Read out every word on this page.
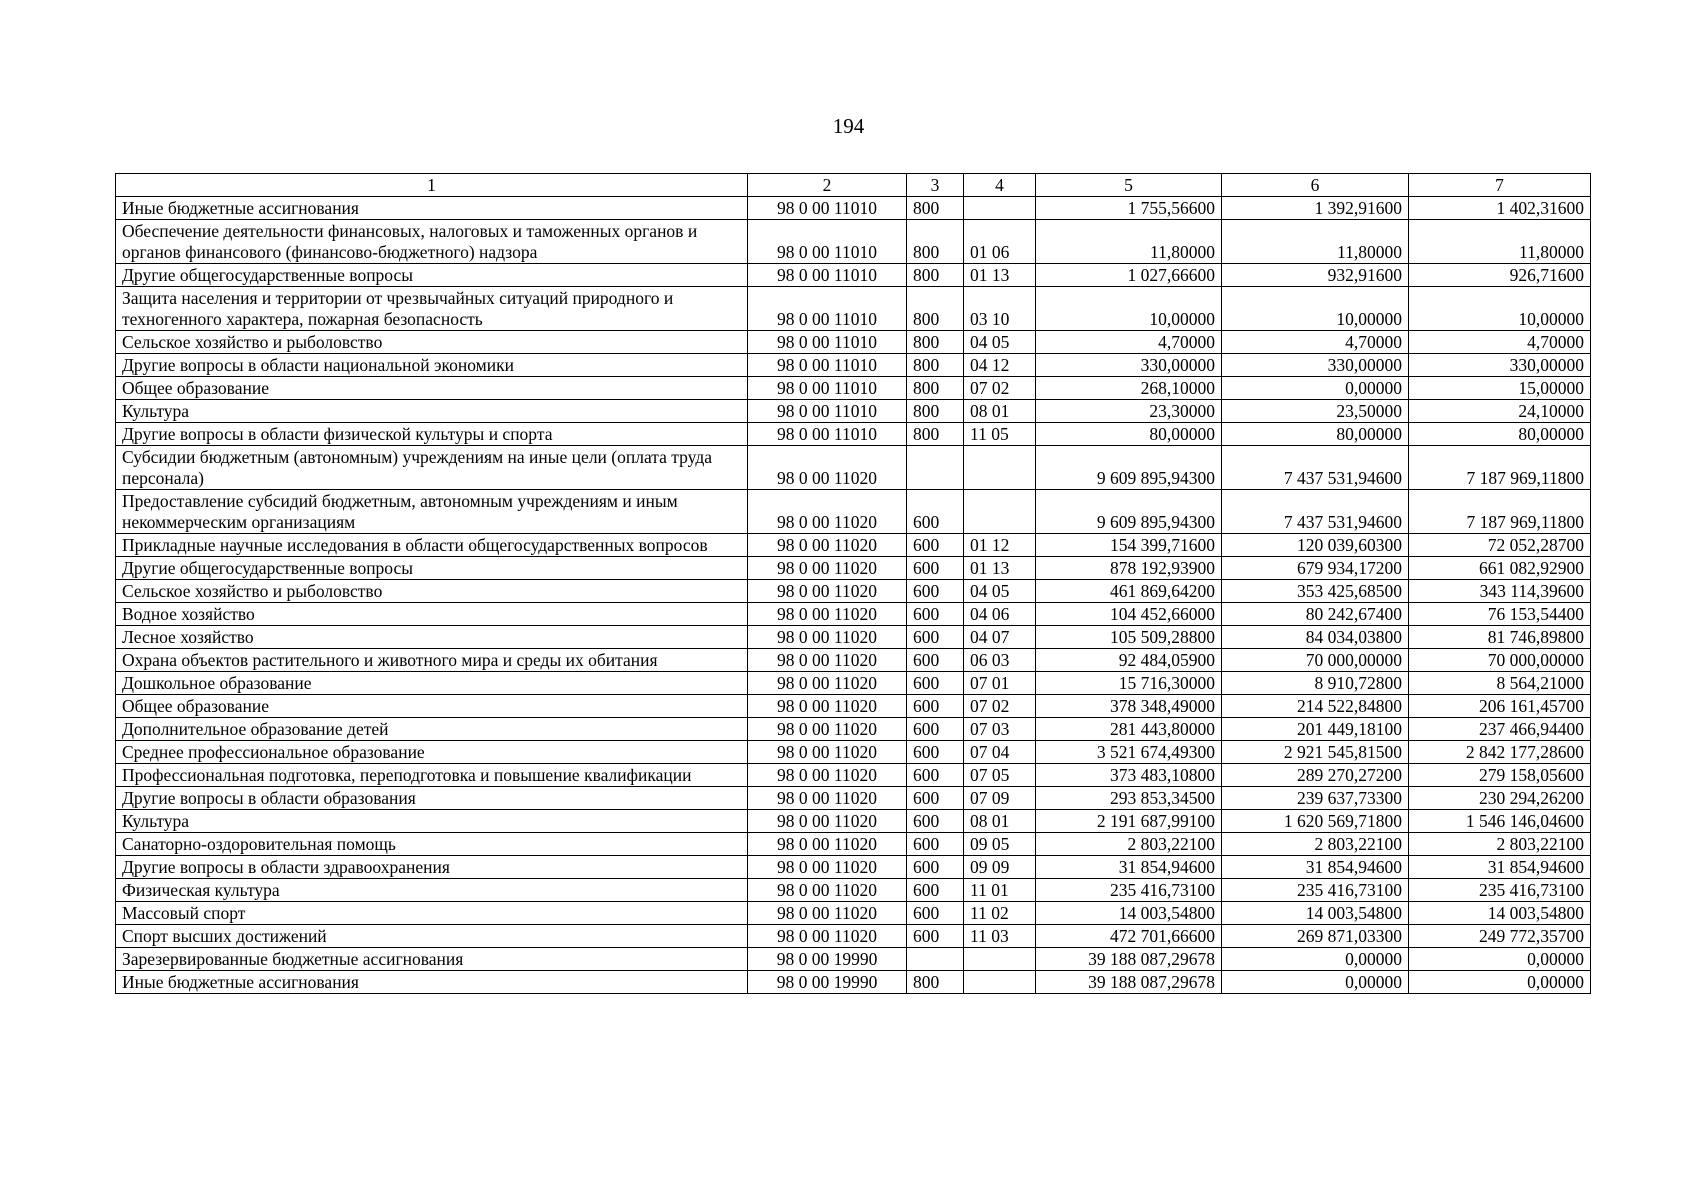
194
1	2	3	4	5	6	7
Иные бюджетные ассигнования	98 0 00 11010	800		1 755,56600	1 392,91600	1 402,31600
Обеспечение деятельности финансовых, налоговых и таможенных органов и органов финансового (финансово-бюджетного) надзора	98 0 00 11010	800	01 06	11,80000	11,80000	11,80000
Другие общегосударственные вопросы	98 0 00 11010	800	01 13	1 027,66600	932,91600	926,71600
Защита населения и территории от чрезвычайных ситуаций природного и техногенного характера, пожарная безопасность	98 0 00 11010	800	03 10	10,00000	10,00000	10,00000
Сельское хозяйство и рыболовство	98 0 00 11010	800	04 05	4,70000	4,70000	4,70000
Другие вопросы в области национальной экономики	98 0 00 11010	800	04 12	330,00000	330,00000	330,00000
Общее образование	98 0 00 11010	800	07 02	268,10000	0,00000	15,00000
Культура	98 0 00 11010	800	08 01	23,30000	23,50000	24,10000
Другие вопросы в области физической культуры и спорта	98 0 00 11010	800	11 05	80,00000	80,00000	80,00000
Субсидии бюджетным (автономным) учреждениям на иные цели (оплата труда персонала)	98 0 00 11020			9 609 895,94300	7 437 531,94600	7 187 969,11800
Предоставление субсидий бюджетным, автономным учреждениям и иным некоммерческим организациям	98 0 00 11020	600		9 609 895,94300	7 437 531,94600	7 187 969,11800
Прикладные научные исследования в области общегосударственных вопросов	98 0 00 11020	600	01 12	154 399,71600	120 039,60300	72 052,28700
Другие общегосударственные вопросы	98 0 00 11020	600	01 13	878 192,93900	679 934,17200	661 082,92900
Сельское хозяйство и рыболовство	98 0 00 11020	600	04 05	461 869,64200	353 425,68500	343 114,39600
Водное хозяйство	98 0 00 11020	600	04 06	104 452,66000	80 242,67400	76 153,54400
Лесное хозяйство	98 0 00 11020	600	04 07	105 509,28800	84 034,03800	81 746,89800
Охрана объектов растительного и животного мира и среды их обитания	98 0 00 11020	600	06 03	92 484,05900	70 000,00000	70 000,00000
Дошкольное образование	98 0 00 11020	600	07 01	15 716,30000	8 910,72800	8 564,21000
Общее образование	98 0 00 11020	600	07 02	378 348,49000	214 522,84800	206 161,45700
Дополнительное образование детей	98 0 00 11020	600	07 03	281 443,80000	201 449,18100	237 466,94400
Среднее профессиональное образование	98 0 00 11020	600	07 04	3 521 674,49300	2 921 545,81500	2 842 177,28600
Профессиональная подготовка, переподготовка и повышение квалификации	98 0 00 11020	600	07 05	373 483,10800	289 270,27200	279 158,05600
Другие вопросы в области образования	98 0 00 11020	600	07 09	293 853,34500	239 637,73300	230 294,26200
Культура	98 0 00 11020	600	08 01	2 191 687,99100	1 620 569,71800	1 546 146,04600
Санаторно-оздоровительная помощь	98 0 00 11020	600	09 05	2 803,22100	2 803,22100	2 803,22100
Другие вопросы в области здравоохранения	98 0 00 11020	600	09 09	31 854,94600	31 854,94600	31 854,94600
Физическая культура	98 0 00 11020	600	11 01	235 416,73100	235 416,73100	235 416,73100
Массовый спорт	98 0 00 11020	600	11 02	14 003,54800	14 003,54800	14 003,54800
Спорт высших достижений	98 0 00 11020	600	11 03	472 701,66600	269 871,03300	249 772,35700
Зарезервированные бюджетные ассигнования	98 0 00 19990			39 188 087,29678	0,00000	0,00000
Иные бюджетные ассигнования	98 0 00 19990	800		39 188 087,29678	0,00000	0,00000
